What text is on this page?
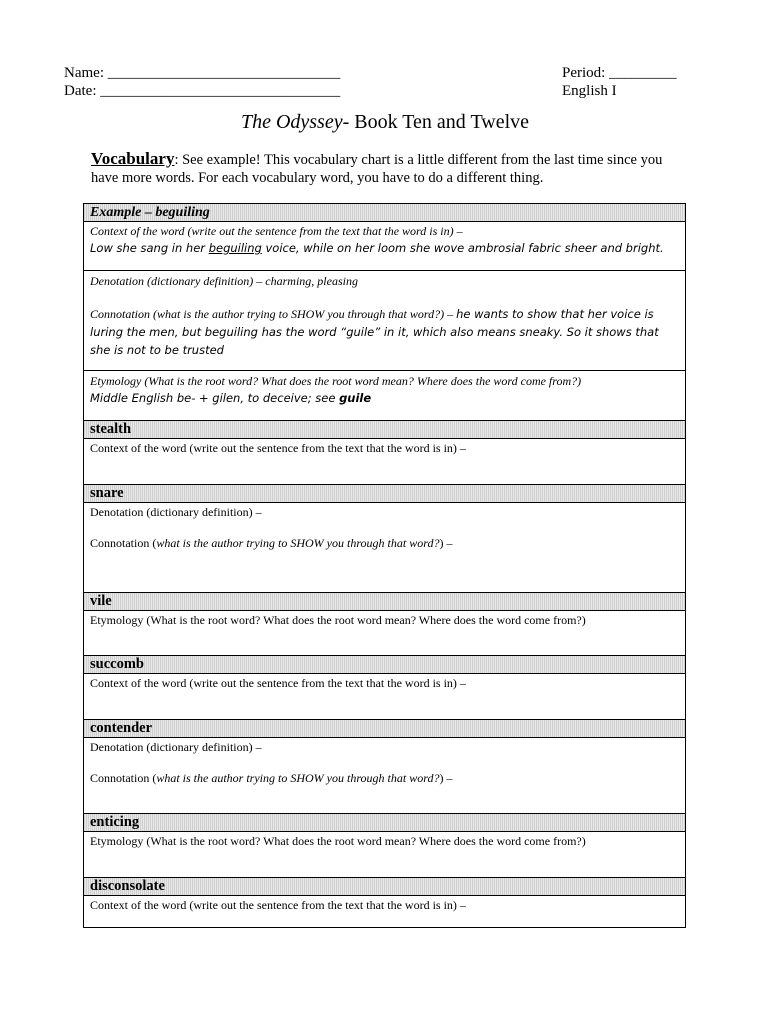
Name: _______________________________
Date: ________________________________
Period: _________
English I
The Odyssey- Book Ten and Twelve
Vocabulary: See example! This vocabulary chart is a little different from the last time since you have more words. For each vocabulary word, you have to do a different thing.
Example – beguiling
Context of the word (write out the sentence from the text that the word is in) –
Low she sang in her beguiling voice, while on her loom she wove ambrosial fabric sheer and bright.
Denotation (dictionary definition) – charming, pleasing
Connotation (what is the author trying to SHOW you through that word?) – he wants to show that her voice is luring the men, but beguiling has the word “guile” in it, which also means sneaky. So it shows that she is not to be trusted
Etymology (What is the root word? What does the root word mean? Where does the word come from?)
Middle English be- + gilen, to deceive; see guile
stealth
Context of the word (write out the sentence from the text that the word is in) –
snare
Denotation (dictionary definition) –
Connotation (what is the author trying to SHOW you through that word?) –
vile
Etymology (What is the root word? What does the root word mean? Where does the word come from?)
succomb
Context of the word (write out the sentence from the text that the word is in) –
contender
Denotation (dictionary definition) –
Connotation (what is the author trying to SHOW you through that word?) –
enticing
Etymology (What is the root word? What does the root word mean? Where does the word come from?)
disconsolate
Context of the word (write out the sentence from the text that the word is in) –
